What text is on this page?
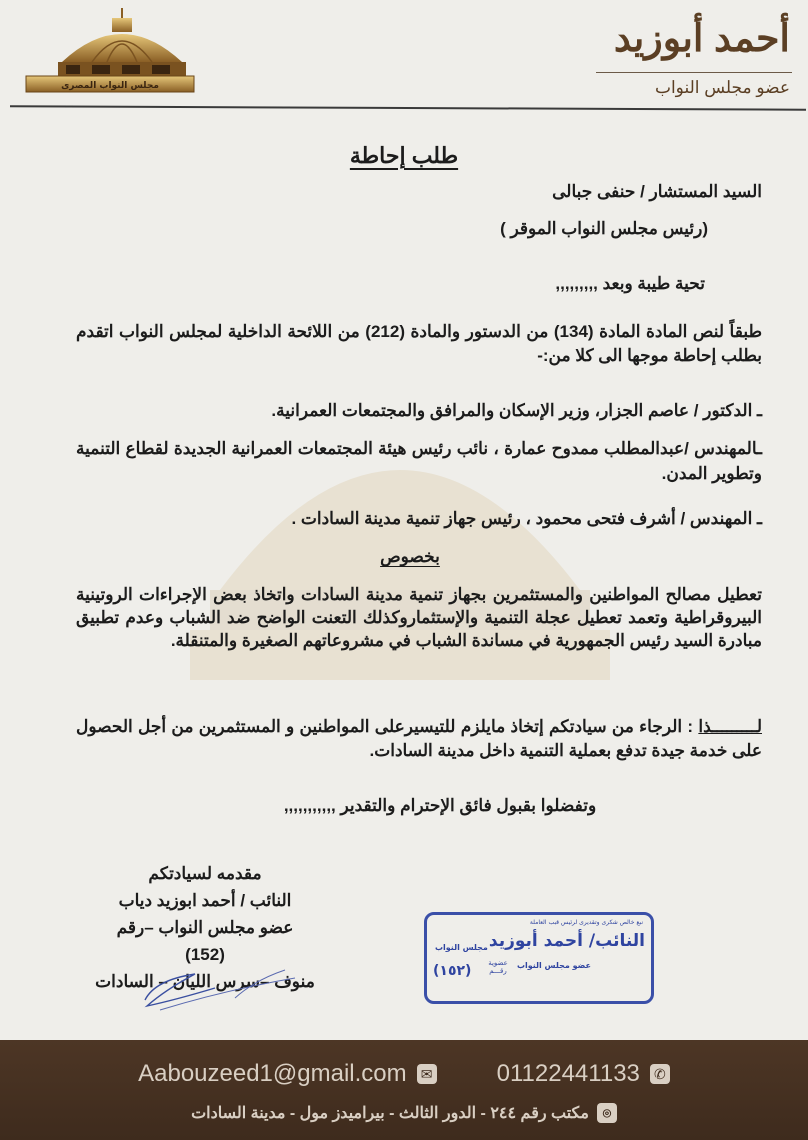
مجلس النواب المصرى
أحمد أبوزيد
عضو مجلس النواب
طلب إحاطة
السيد المستشار / حنفى جبالى
(رئيس مجلس النواب الموقر )
تحية طيبة وبعد ,,,,,,,,,
طبقاً لنص المادة المادة (134) من الدستور والمادة (212) من اللائحة الداخلية لمجلس النواب اتقدم بطلب إحاطة موجها الى كلا من:-
ـ الدكتور / عاصم الجزار، وزير الإسكان والمرافق والمجتمعات العمرانية.
ـالمهندس /عبدالمطلب ممدوح عمارة ، نائب رئيس هيئة المجتمعات العمرانية الجديدة لقطاع التنمية وتطوير المدن.
ـ المهندس / أشرف فتحى محمود ، رئيس جهاز تنمية مدينة السادات .
بخصوص
تعطيل مصالح المواطنين والمستثمرين بجهاز تنمية مدينة السادات واتخاذ بعض الإجراءات الروتينية البيروقراطية وتعمد تعطيل عجلة التنمية والإستثماروكذلك التعنت الواضح ضد الشباب وعدم تطبيق مبادرة السيد رئيس الجمهورية في مساندة الشباب في مشروعاتهم الصغيرة والمتنقلة.
لـــــــــذا : الرجاء من سيادتكم إتخاذ مايلزم للتيسيرعلى المواطنين و المستثمرين من أجل الحصول على خدمة جيدة تدفع بعملية التنمية داخل مدينة السادات.
وتفضلوا بقبول فائق الإحترام والتقدير ,,,,,,,,,,,
مقدمه لسيادتكم
النائب / أحمد ابوزيد دياب
عضو مجلس النواب –رقم (152)
منوف –سرس الليان – السادات
نبع خالص شكرى وتقديرى لرئيس قبب العاملة
النائب/ أحمد أبوزيد
عضو مجلس النواب
مجلس النواب
عضوية رقـــم
(١٥٢)
Aabouzeed1@gmail.com ✉	01122441133 ✆
⌾
مكتب رقم ٢٤٤ - الدور الثالث - بيراميدز مول - مدينة السادات
